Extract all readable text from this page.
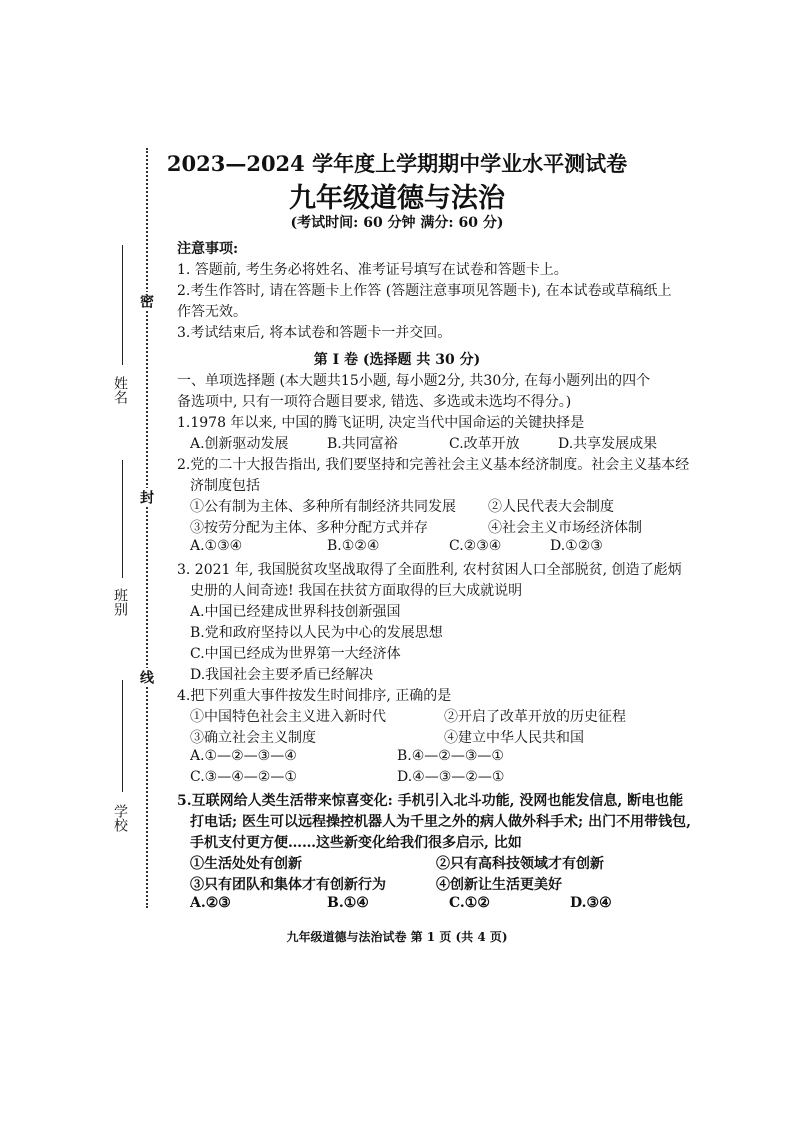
密
封
线
姓名
班别
学校
2023—2024 学年度上学期期中学业水平测试卷
九年级道德与法治
(考试时间: 60 分钟 满分: 60 分)
注意事项:
1. 答题前, 考生务必将姓名、准考证号填写在试卷和答题卡上。
2.考生作答时, 请在答题卡上作答 (答题注意事项见答题卡), 在本试卷或草稿纸上
作答无效。
3.考试结束后, 将本试卷和答题卡一并交回。
第 I 卷 (选择题 共 30 分)
一、单项选择题 (本大题共15小题, 每小题2分, 共30分, 在每小题列出的四个
备选项中, 只有一项符合题目要求, 错选、多选或未选均不得分。)
1.1978 年以来, 中国的腾飞证明, 决定当代中国命运的关键抉择是
A.创新驱动发展	B.共同富裕	C.改革开放	D.共享发展成果
2.党的二十大报告指出, 我们要坚持和完善社会主义基本经济制度。社会主义基本经
济制度包括
①公有制为主体、多种所有制经济共同发展 ②人民代表大会制度
③按劳分配为主体、多种分配方式并存	④社会主义市场经济体制
A.①③④	B.①②④	C.②③④	D.①②③
3. 2021 年, 我国脱贫攻坚战取得了全面胜利, 农村贫困人口全部脱贫, 创造了彪炳
史册的人间奇迹! 我国在扶贫方面取得的巨大成就说明
A.中国已经建成世界科技创新强国
B.党和政府坚持以人民为中心的发展思想
C.中国已经成为世界第一大经济体
D.我国社会主要矛盾已经解决
4.把下列重大事件按发生时间排序, 正确的是
①中国特色社会主义进入新时代	②开启了改革开放的历史征程
③确立社会主义制度	④建立中华人民共和国
A.①—②—③—④	B.④—②—③—①
C.③—④—②—①	D.④—③—②—①
5.互联网给人类生活带来惊喜变化: 手机引入北斗功能, 没网也能发信息, 断电也能
打电话; 医生可以远程操控机器人为千里之外的病人做外科手术; 出门不用带钱包,
手机支付更方便……这些新变化给我们很多启示, 比如
①生活处处有创新	②只有高科技领域才有创新
③只有团队和集体才有创新行为	④创新让生活更美好
A.②③	B.①④	C.①②	D.③④
九年级道德与法治试卷 第 1 页 (共 4 页)
